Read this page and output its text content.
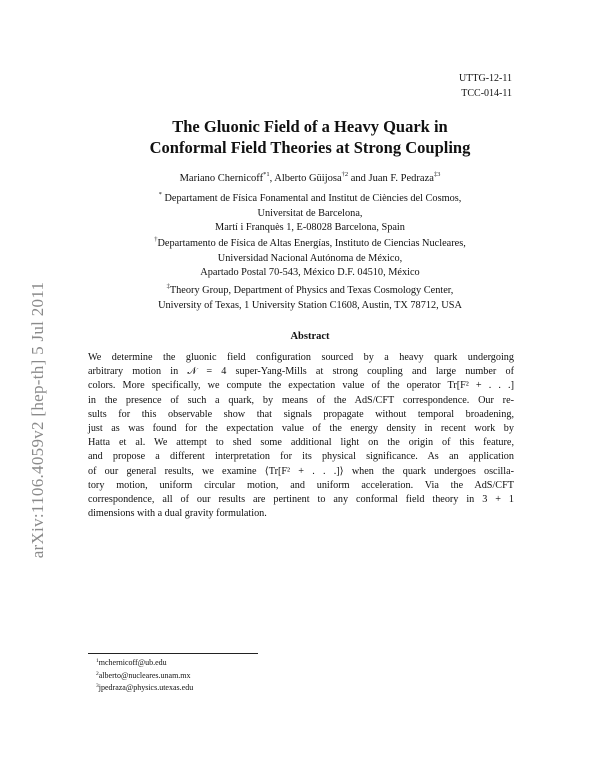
arXiv:1106.4059v2 [hep-th] 5 Jul 2011
UTTG-12-11
TCC-014-11
The Gluonic Field of a Heavy Quark in
Conformal Field Theories at Strong Coupling
Mariano Chernicoff$^{*1}$, Alberto Güijosa$^{\dagger 2}$ and Juan F. Pedraza$^{\ddagger 3}$
* Departament de Física Fonamental and Institut de Ciències del Cosmos,
Universitat de Barcelona,
Martí i Franquès 1, E-08028 Barcelona, Spain
†Departamento de Física de Altas Energías, Instituto de Ciencias Nucleares,
Universidad Nacional Autónoma de México,
Apartado Postal 70-543, México D.F. 04510, México
‡Theory Group, Department of Physics and Texas Cosmology Center,
University of Texas, 1 University Station C1608, Austin, TX 78712, USA
Abstract
We determine the gluonic field configuration sourced by a heavy quark undergoing
arbitrary motion in 𝒩 = 4 super-Yang-Mills at strong coupling and large number of
colors. More specifically, we compute the expectation value of the operator Tr[F² + . . .]
in the presence of such a quark, by means of the AdS/CFT correspondence. Our re-
sults for this observable show that signals propagate without temporal broadening,
just as was found for the expectation value of the energy density in recent work by
Hatta et al. We attempt to shed some additional light on the origin of this feature,
and propose a different interpretation for its physical significance. As an application
of our general results, we examine ⟨Tr[F² + . . .]⟩ when the quark undergoes oscilla-
tory motion, uniform circular motion, and uniform acceleration. Via the AdS/CFT
correspondence, all of our results are pertinent to any conformal field theory in 3 + 1
dimensions with a dual gravity formulation.
$^1$mchernicoff@ub.edu
$^2$alberto@nucleares.unam.mx
$^3$jpedraza@physics.utexas.edu
